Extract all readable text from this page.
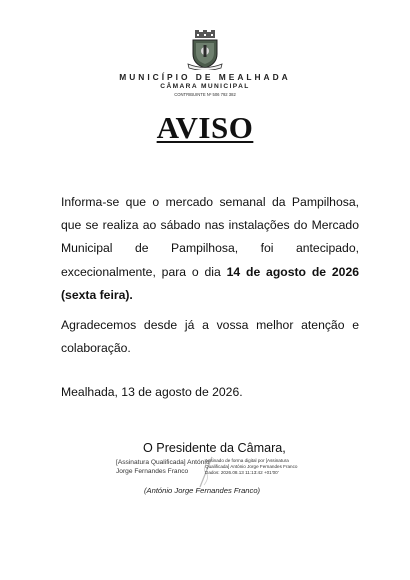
MUNICÍPIO DE MEALHADA
CÂMARA MUNICIPAL
CONTRIBUINTE Nº 506 792 382
AVISO

Informa-se que o mercado semanal da Pampilhosa, que se realiza ao sábado nas instalações do Mercado Municipal de Pampilhosa, foi antecipado, excecionalmente, para o dia 14 de agosto de 2026 (sexta feira).

Agradecemos desde já a vossa melhor atenção e colaboração.

Mealhada, 13 de agosto de 2026.
O Presidente da Câmara,
[Assinatura Qualificada] António Jorge Fernandes Franco
Assinado de forma digital por [Assinatura Qualificada] António Jorge Fernandes Franco Dados: 2026.08.13 11:13:42 +01'00'
(António Jorge Fernandes Franco)
